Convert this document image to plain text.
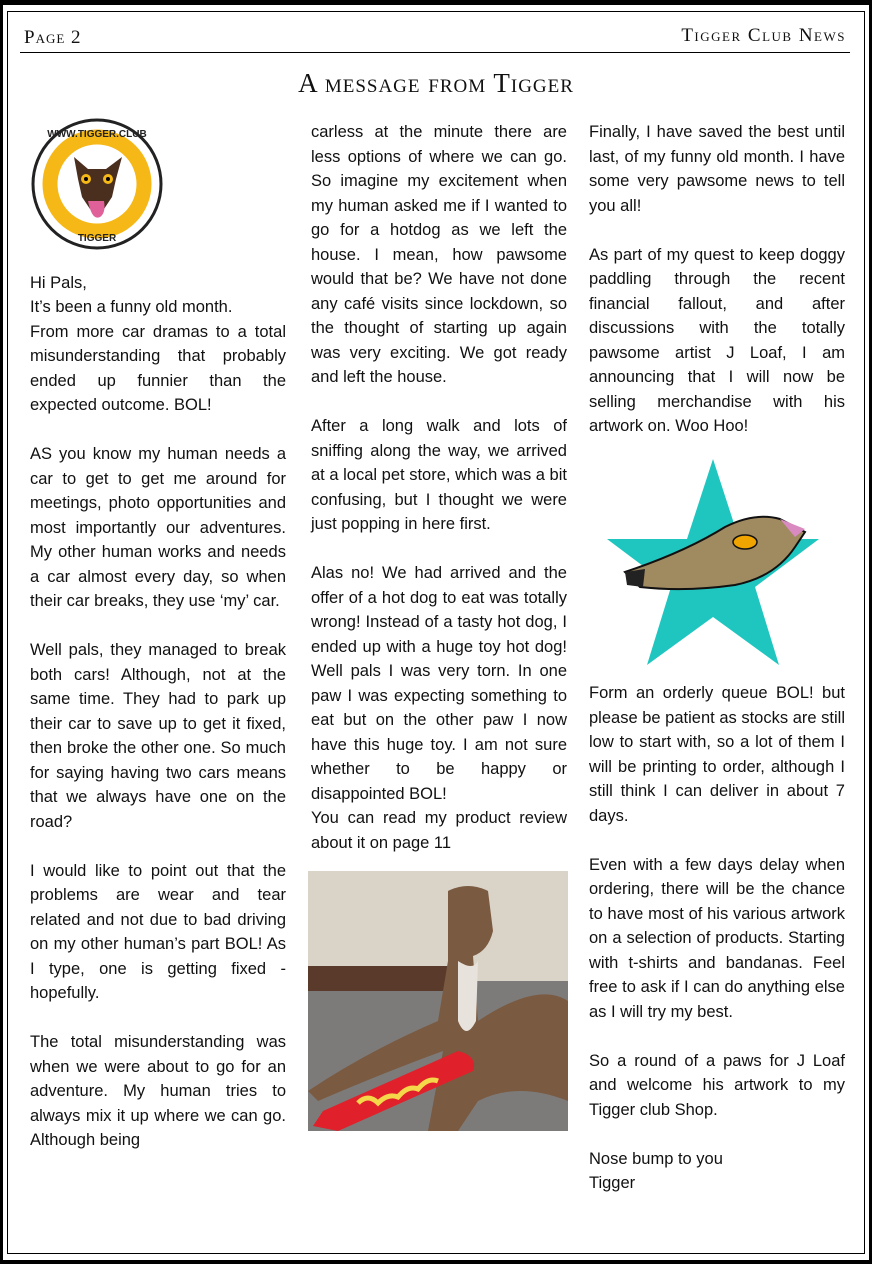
Page 2	Tigger Club News
A message from Tigger
WWW.TIGGER.CLUB
TIGGER

Hi Pals,

It’s been a funny old month.

From more car dramas to a total misunderstanding that probably ended up funnier than the expected outcome. BOL!

AS you know my human needs a car to get to get me around for meetings, photo opportunities and most importantly our adventures. My other human works and needs a car almost every day, so when their car breaks, they use ‘my’ car.

Well pals, they managed to break both cars! Although, not at the same time. They had to park up their car to save up to get it fixed, then broke the other one. So much for saying having two cars means that we always have one on the road?

I would like to point out that the problems are wear and tear related and not due to bad driving on my other human’s part BOL! As I type, one is getting fixed - hopefully.

The total misunderstanding was when we were about to go for an adventure. My human tries to always mix it up where we can go. Although being

carless at the minute there are less options of where we can go. So imagine my excitement when my human asked me if I wanted to go for a hotdog as we left the house. I mean, how pawsome would that be? We have not done any café visits since lockdown, so the thought of starting up again was very exciting. We got ready and left the house.

After a long walk and lots of sniffing along the way, we arrived at a local pet store, which was a bit confusing, but I thought we were just popping in here first.

Alas no! We had arrived and the offer of a hot dog to eat was totally wrong! Instead of a tasty hot dog, I ended up with a huge toy hot dog! Well pals I was very torn. In one paw I was expecting something to eat but on the other paw I now have this huge toy. I am not sure whether to be happy or disappointed BOL!

You can read my product review about it on page 11

Finally, I have saved the best until last, of my funny old month. I have some very pawsome news to tell you all!

As part of my quest to keep doggy paddling through the recent financial fallout, and after discussions with the totally pawsome artist J Loaf, I am announcing that I will now be selling merchandise with his artwork on. Woo Hoo!

Form an orderly queue BOL! but please be patient as stocks are still low to start with, so a lot of them I will be printing to order, although I still think I can deliver in about 7 days.

Even with a few days delay when ordering, there will be the chance to have most of his various artwork on a selection of products. Starting with t-shirts and bandanas. Feel free to ask if I can do anything else as I will try my best.

So a round of a paws for J Loaf and welcome his artwork to my Tigger club Shop.

Nose bump to you

Tigger
